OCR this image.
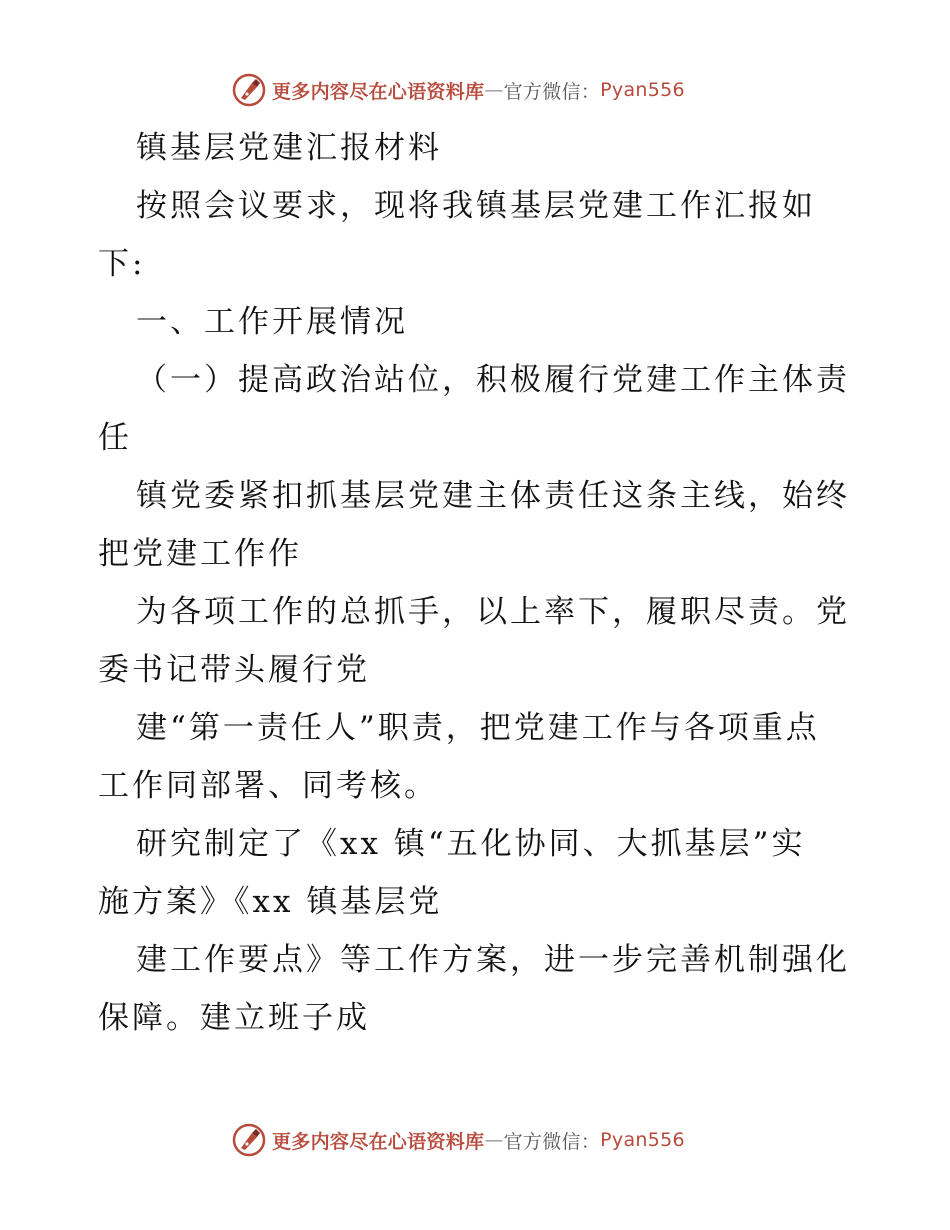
更多内容尽在心语资料库 — 官方微信： Pyan556
镇基层党建汇报材料
按照会议要求，现将我镇基层党建工作汇报如
下:
一、工作开展情况
（一）提高政治站位，积极履行党建工作主体责
任
镇党委紧扣抓基层党建主体责任这条主线，始终
把党建工作作
为各项工作的总抓手，以上率下，履职尽责。党
委书记带头履行党
建“第一责任人”职责，把党建工作与各项重点
工作同部署、同考核。
研究制定了《xx 镇“五化协同、大抓基层”实
施方案》《xx 镇基层党
建工作要点》等工作方案，进一步完善机制强化
保障。建立班子成
更多内容尽在心语资料库 — 官方微信： Pyan556
